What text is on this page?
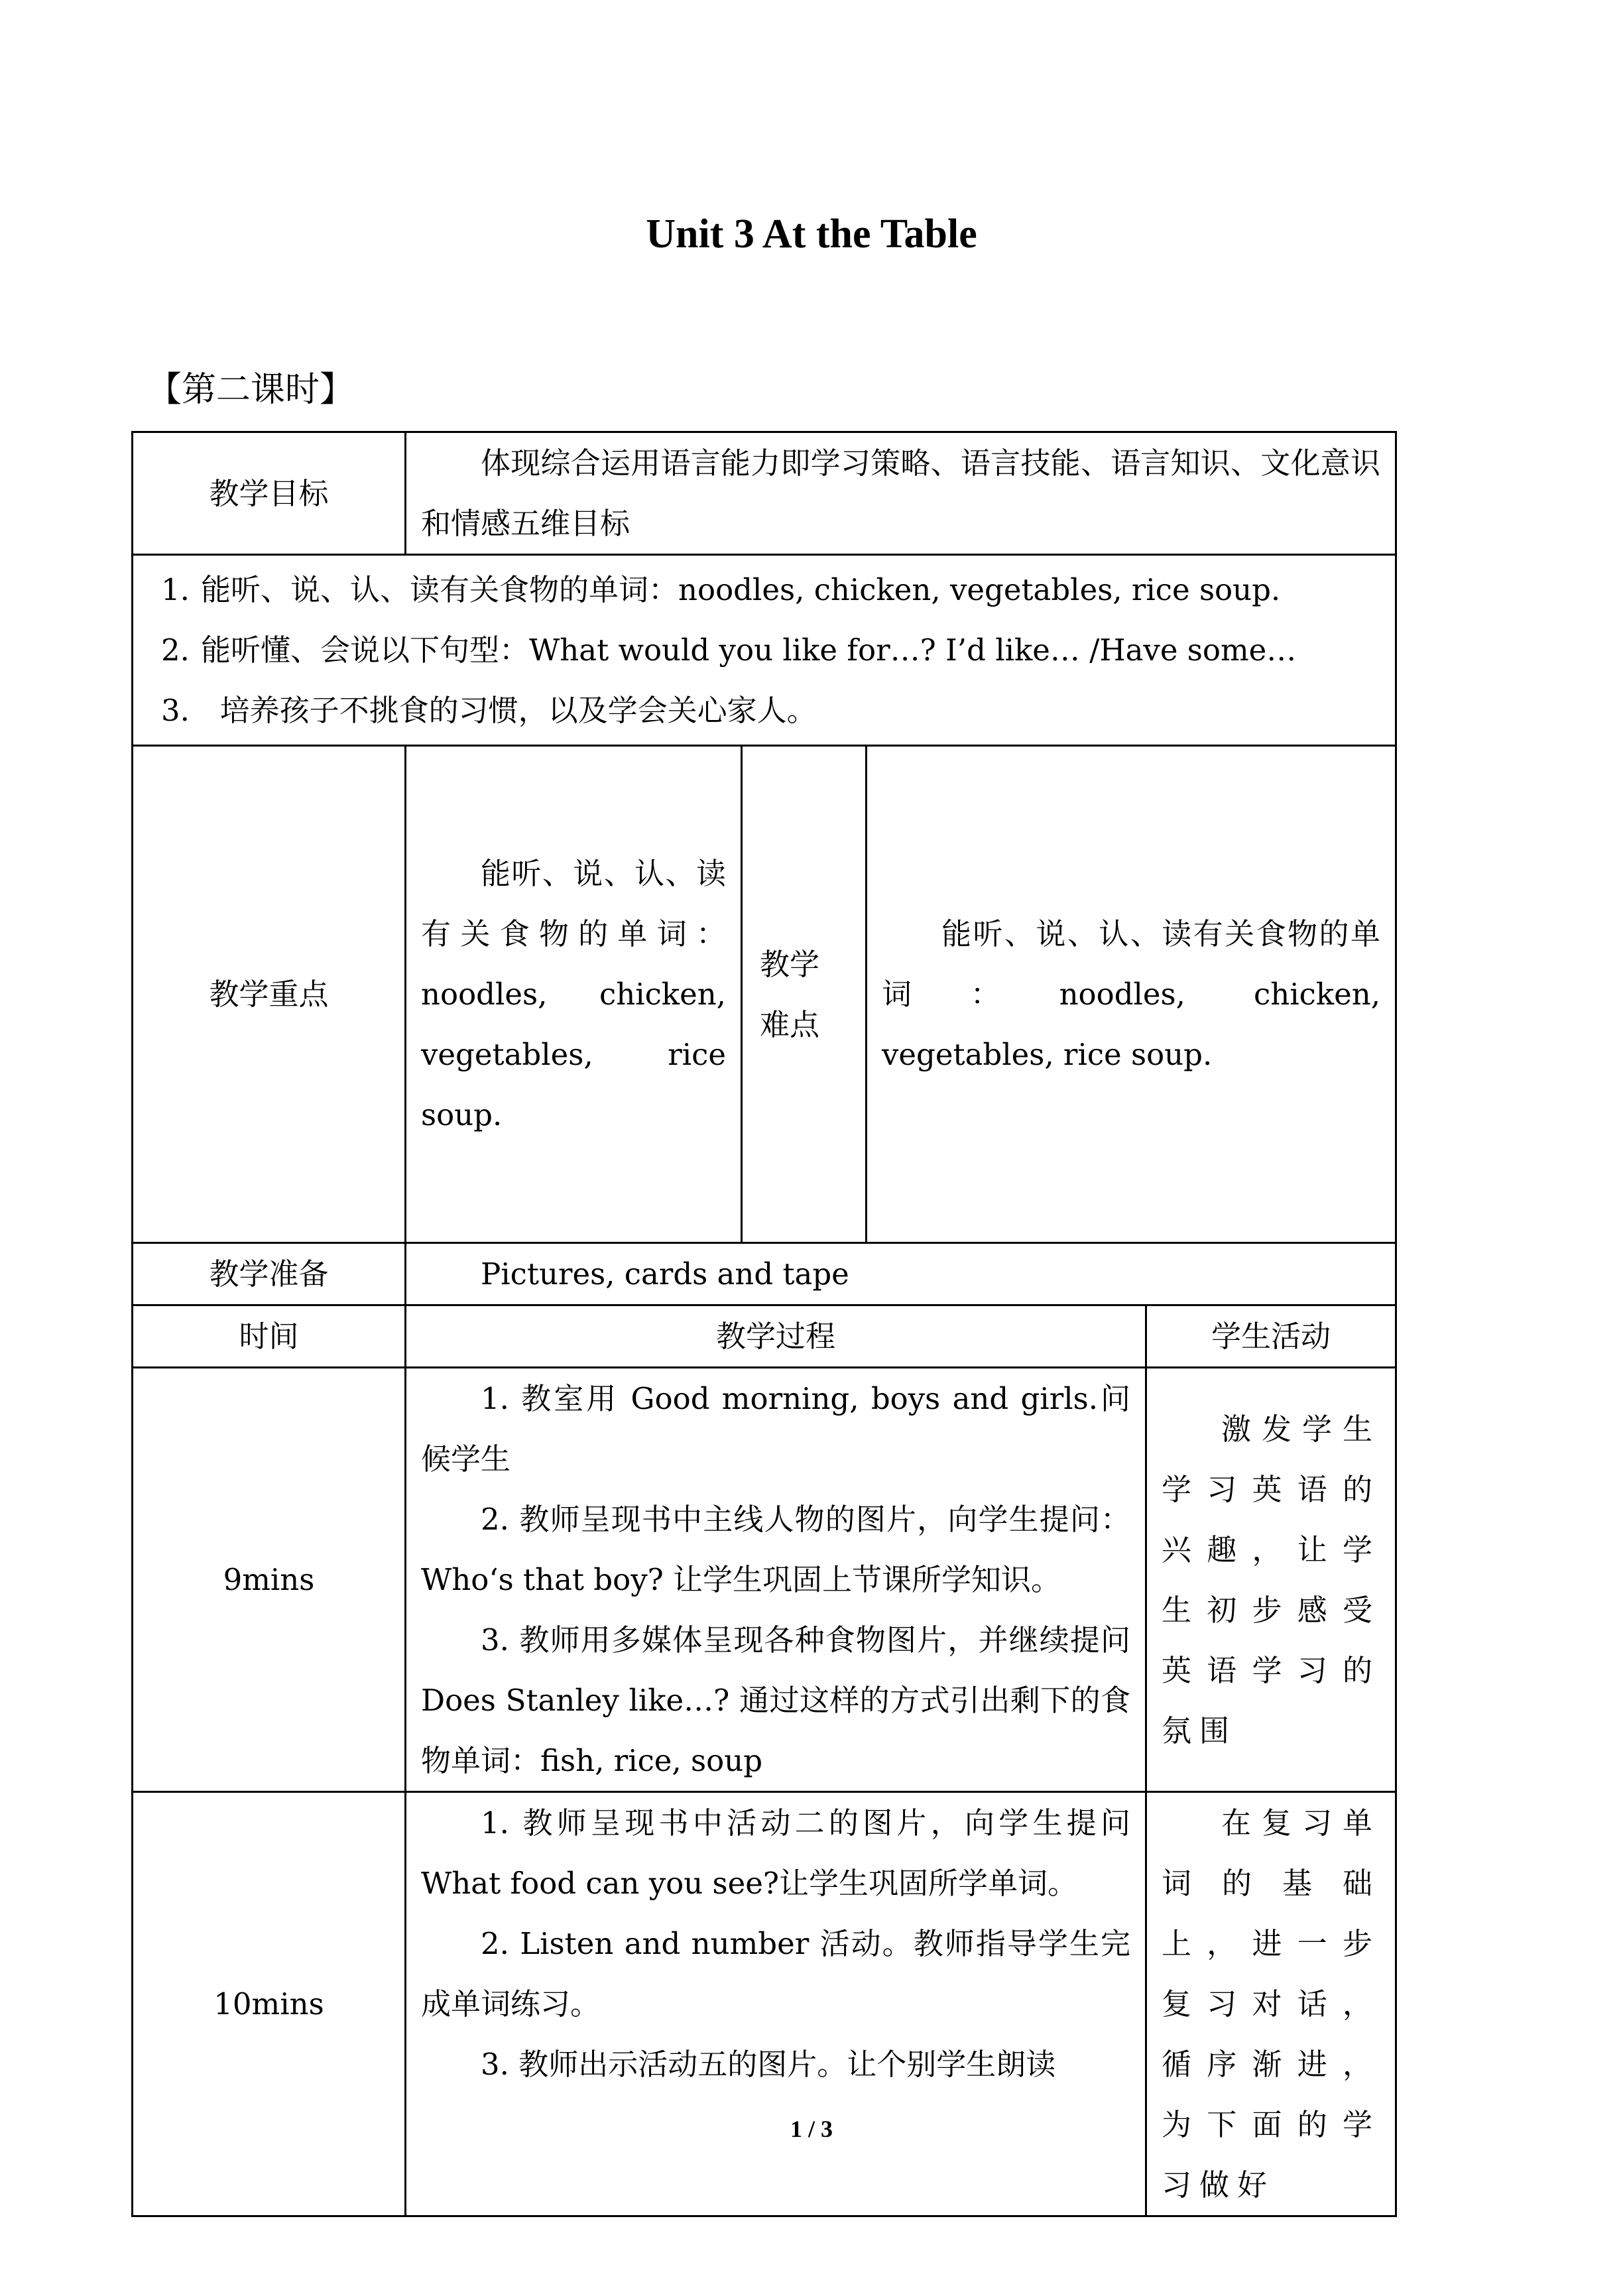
Unit 3 At the Table
【第二课时】
教学目标	体现综合运用语言能力即学习策略、语言技能、语言知识、文化意识和情感五维目标			

1. 能听、说、认、读有关食物的单词：noodles, chicken, vegetables, rice soup.
2. 能听懂、会说以下句型：What would you like for…? I’d like… /Have some…
3. 培养孩子不挑食的习惯，以及学会关心家人。				

教学重点	能听、说、认、读有关食物的单词：noodles, chicken, vegetables, rice soup.	教学难点	能听、说、认、读有关食物的单词：noodles, chicken, vegetables, rice soup.	
教学准备	Pictures, cards and tape			
时间	教学过程			学生活动
9mins	1. 教室用 Good morning, boys and girls.问候学生
2. 教师呈现书中主线人物的图片，向学生提问：Who‘s that boy? 让学生巩固上节课所学知识。
3. 教师用多媒体呈现各种食物图片，并继续提问 Does Stanley like…? 通过这样的方式引出剩下的食物单词：fish, rice, soup			激发学生学习英语的兴趣，让学生初步感受英语学习的氛围
10mins	1. 教师呈现书中活动二的图片，向学生提问 What food can you see?让学生巩固所学单词。
2. Listen and number 活动。教师指导学生完成单词练习。
3. 教师出示活动五的图片。让个别学生朗读			在复习单词的基础上，进一步复习对话，循序渐进，为下面的学习做好
1 / 3
